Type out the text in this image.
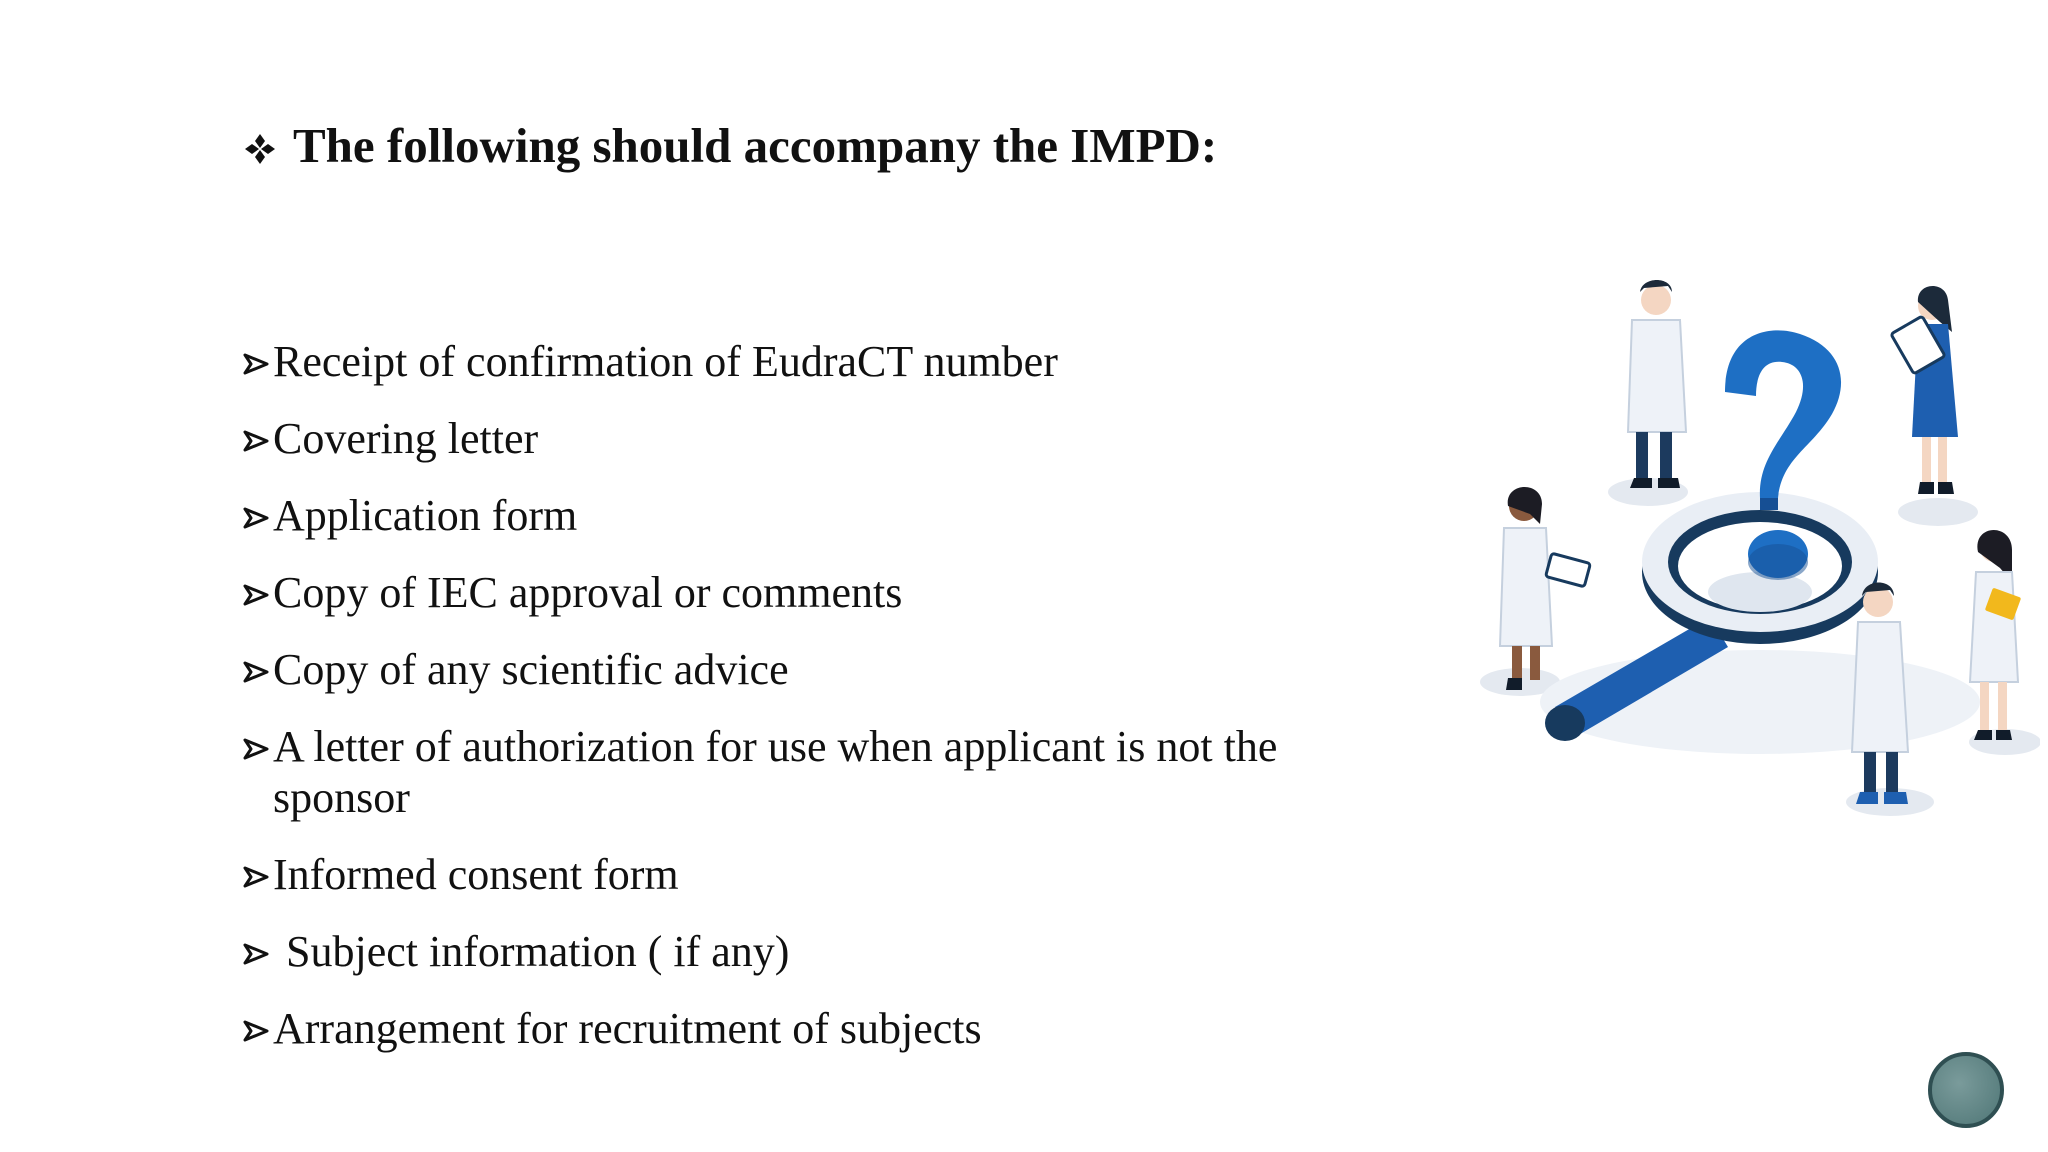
The following should accompany the IMPD:
Receipt of confirmation of EudraCT number
Covering letter
Application form
Copy of IEC approval or comments
Copy of any scientific advice
A letter of authorization for use when applicant is not the sponsor
Informed consent form
Subject information ( if any)
Arrangement for recruitment of subjects
